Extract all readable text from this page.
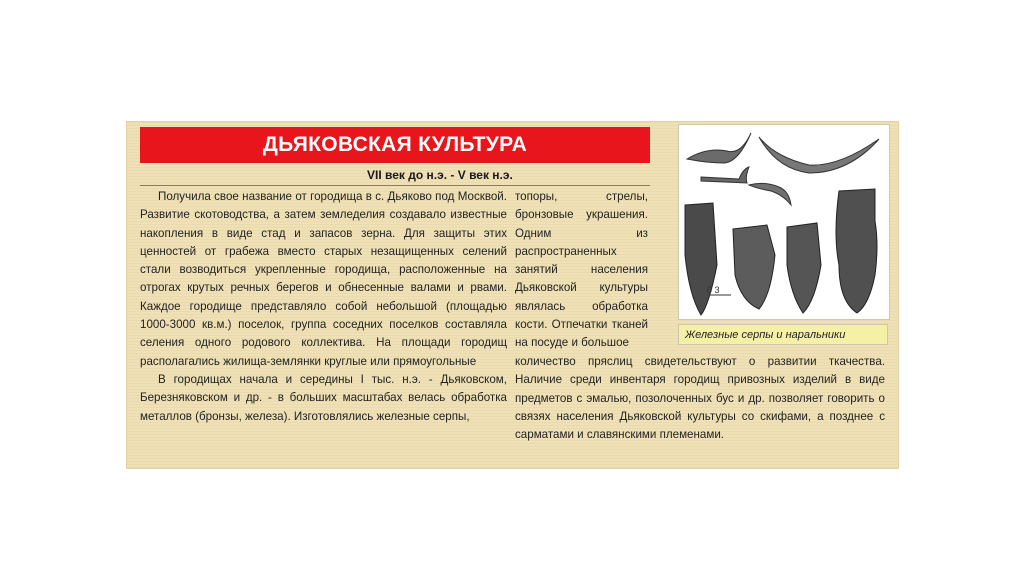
ДЬЯКОВСКАЯ КУЛЬТУРА
VII век до н.э. - V век н.э.

Получила свое название от городища в с. Дьяково под Москвой. Развитие скотоводства, а затем земледелия создавало известные накопления в виде стад и запасов зерна. Для защиты этих ценностей от грабежа вместо старых незащищенных селений стали возводиться укрепленные городища, расположенные на отрогах крутых речных берегов и обнесенные валами и рвами. Каждое городище представляло собой небольшой (площадью 1000-3000 кв.м.) поселок, группа соседних поселков составляла селения одного родового коллектива. На площади городищ располагались жилища-землянки круглые или прямоугольные

В городищах начала и середины I тыс. н.э. - Дьяковском, Березняковском и др. - в больших масштабах велась обработка металлов (бронзы, железа). Изготовлялись железные серпы,

топоры, стрелы, бронзовые украшения. Одним из распространенных занятий населения Дьяковской культуры являлась обработка кости. Отпечатки тканей на посуде и большое
количество пряслиц свидетельствуют о развитии ткачества. Наличие среди инвентаря городищ привозных изделий в виде предметов с эмалью, позолоченных бус и др. позволяет говорить о связях населения Дьяковской культуры со скифами, а позднее с сарматами и славянскими племенами.
0 3
Железные серпы и наральники
